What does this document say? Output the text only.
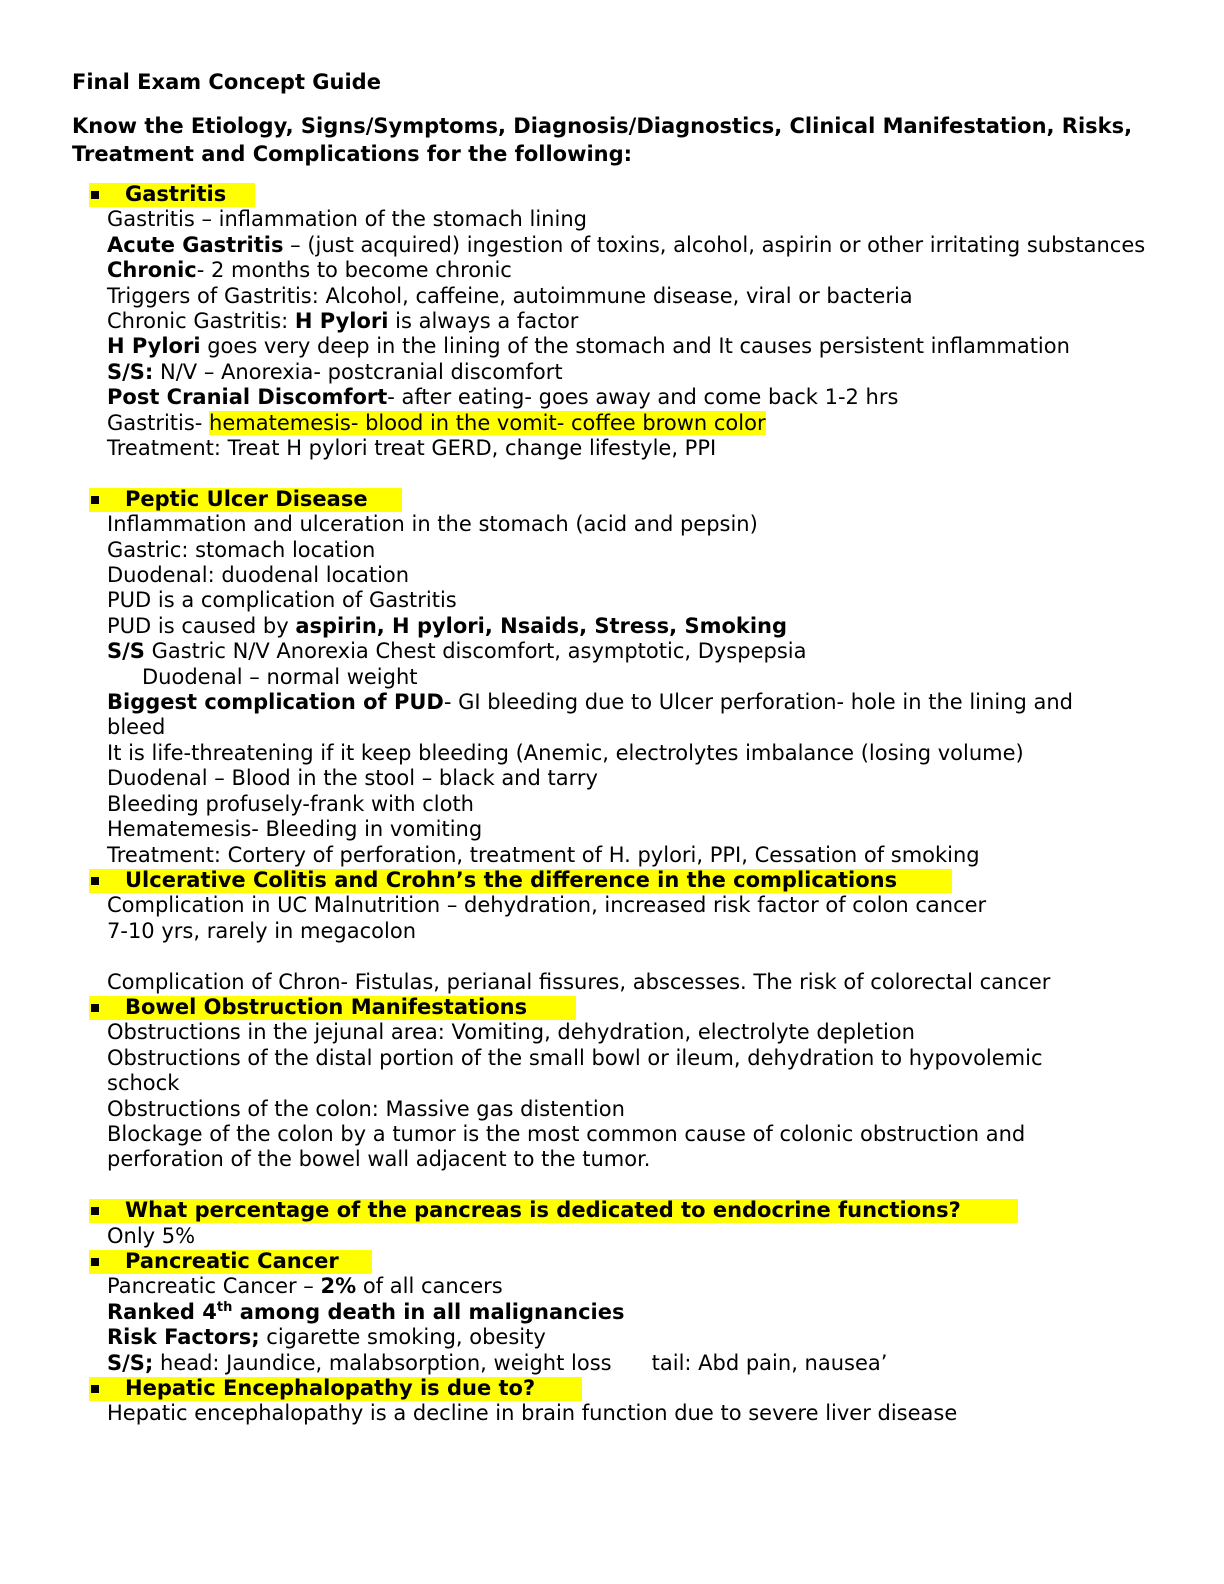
Final Exam Concept Guide

Know the Etiology, Signs/Symptoms, Diagnosis/Diagnostics, Clinical Manifestation, Risks, Treatment and Complications for the following:

Gastritis
Gastritis – inflammation of the stomach lining
Acute Gastritis – (just acquired) ingestion of toxins, alcohol, aspirin or other irritating substances
Chronic- 2 months to become chronic
Triggers of Gastritis: Alcohol, caffeine, autoimmune disease, viral or bacteria
Chronic Gastritis: H Pylori is always a factor
H Pylori goes very deep in the lining of the stomach and It causes persistent inflammation
S/S: N/V – Anorexia- postcranial discomfort
Post Cranial Discomfort- after eating- goes away and come back 1-2 hrs
Gastritis- hematemesis- blood in the vomit- coffee brown color
Treatment: Treat H pylori treat GERD, change lifestyle, PPI
Peptic Ulcer Disease
Inflammation and ulceration in the stomach (acid and pepsin)
Gastric: stomach location
Duodenal: duodenal location
PUD is a complication of Gastritis
PUD is caused by aspirin, H pylori, Nsaids, Stress, Smoking
S/S Gastric N/V Anorexia Chest discomfort, asymptotic, Dyspepsia
Duodenal – normal weight
Biggest complication of PUD- GI bleeding due to Ulcer perforation- hole in the lining and
bleed
It is life-threatening if it keep bleeding (Anemic, electrolytes imbalance (losing volume)
Duodenal – Blood in the stool – black and tarry
Bleeding profusely-frank with cloth
Hematemesis- Bleeding in vomiting
Treatment: Cortery of perforation, treatment of H. pylori, PPI, Cessation of smoking
Ulcerative Colitis and Crohn’s the difference in the complications
Complication in UC Malnutrition – dehydration, increased risk factor of colon cancer
7-10 yrs, rarely in megacolon
Complication of Chron- Fistulas, perianal fissures, abscesses. The risk of colorectal cancer
Bowel Obstruction Manifestations
Obstructions in the jejunal area: Vomiting, dehydration, electrolyte depletion
Obstructions of the distal portion of the small bowl or ileum, dehydration to hypovolemic
schock
Obstructions of the colon: Massive gas distention
Blockage of the colon by a tumor is the most common cause of colonic obstruction and
perforation of the bowel wall adjacent to the tumor.
What percentage of the pancreas is dedicated to endocrine functions?
Only 5%
Pancreatic Cancer
Pancreatic Cancer – 2% of all cancers
Ranked 4th among death in all malignancies
Risk Factors; cigarette smoking, obesity
S/S; head: Jaundice, malabsorption, weight loss      tail: Abd pain, nausea’
Hepatic Encephalopathy is due to?
Hepatic encephalopathy is a decline in brain function due to severe liver disease
